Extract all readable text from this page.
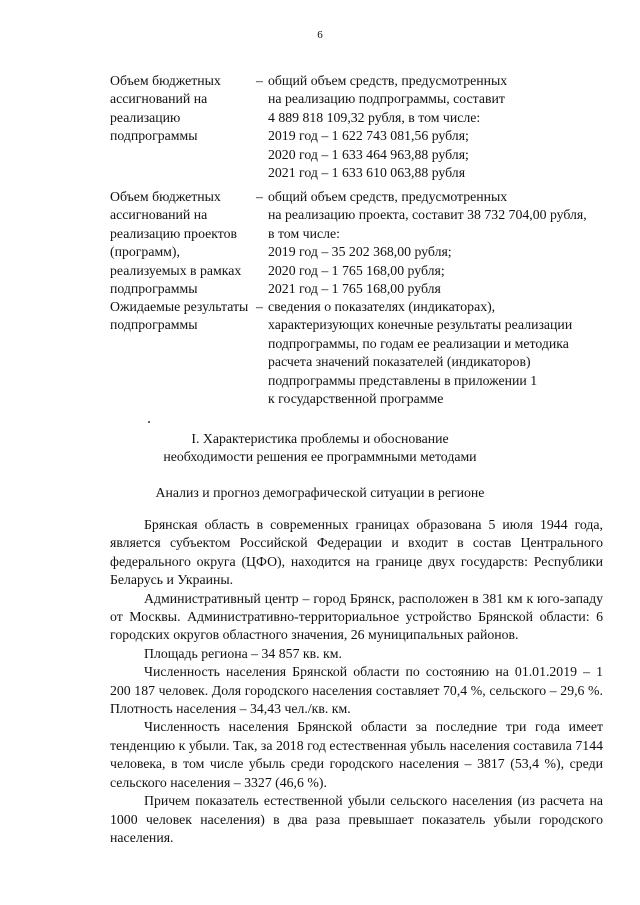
6
Объем бюджетных ассигнований на реализацию подпрограммы
– общий объем средств, предусмотренных
на реализацию подпрограммы, составит
4 889 818 109,32 рубля, в том числе:
2019 год – 1 622 743 081,56 рубля;
2020 год – 1 633 464 963,88 рубля;
2021 год – 1 633 610 063,88 рубля
Объем бюджетных ассигнований на реализацию проектов (программ), реализуемых в рамках подпрограммы
– общий объем средств, предусмотренных
на реализацию проекта, составит 38 732 704,00 рубля,
в том числе:
2019 год – 35 202 368,00 рубля;
2020 год – 1 765 168,00 рубля;
2021 год – 1 765 168,00 рубля
Ожидаемые результаты подпрограммы
– сведения о показателях (индикаторах),
характеризующих конечные результаты реализации
подпрограммы, по годам ее реализации и методика
расчета значений показателей (индикаторов)
подпрограммы представлены в приложении 1
к государственной программе
I. Характеристика проблемы и обоснование
необходимости решения ее программными методами
Анализ и прогноз демографической ситуации в регионе

Брянская область в современных границах образована 5 июля 1944 года, является субъектом Российской Федерации и входит в состав Центрального федерального округа (ЦФО), находится на границе двух государств: Республики Беларусь и Украины.

Административный центр – город Брянск, расположен в 381 км к юго-западу от Москвы. Административно-территориальное устройство Брянской области: 6 городских округов областного значения, 26 муниципальных районов.

Площадь региона – 34 857 кв. км.

Численность населения Брянской области по состоянию на 01.01.2019 – 1 200 187 человек. Доля городского населения составляет 70,4 %, сельского – 29,6 %. Плотность населения – 34,43 чел./кв. км.

Численность населения Брянской области за последние три года имеет тенденцию к убыли. Так, за 2018 год естественная убыль населения составила 7144 человека, в том числе убыль среди городского населения – 3817 (53,4 %), среди сельского населения – 3327 (46,6 %).

Причем показатель естественной убыли сельского населения (из расчета на 1000 человек населения) в два раза превышает показатель убыли городского населения.
